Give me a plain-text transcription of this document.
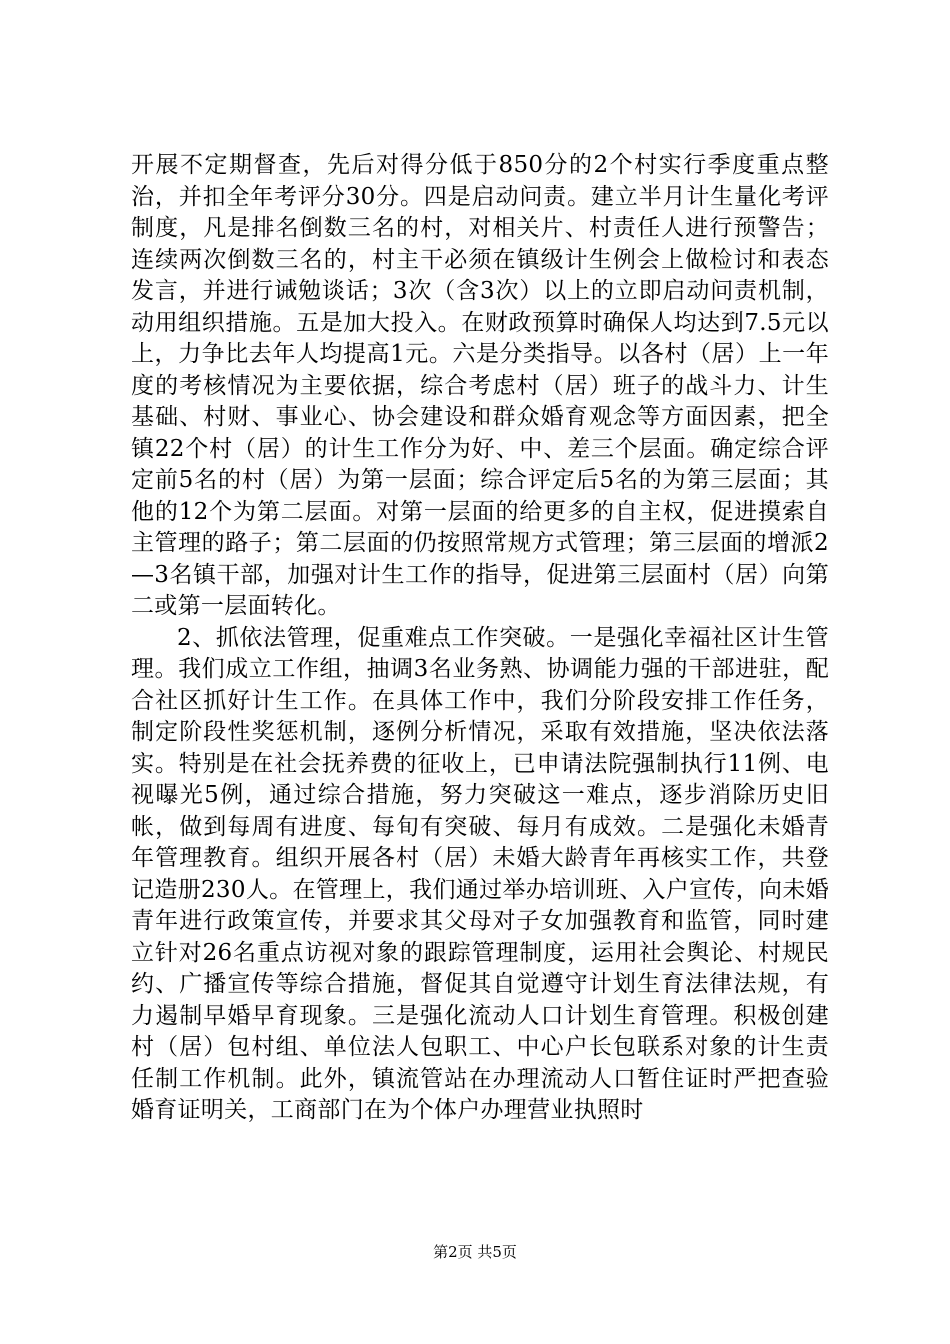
开展不定期督查，先后对得分低于850分的2个村实行季度重点整治，并扣全年考评分30分。四是启动问责。建立半月计生量化考评制度，凡是排名倒数三名的村，对相关片、村责任人进行预警告；连续两次倒数三名的，村主干必须在镇级计生例会上做检讨和表态发言，并进行诫勉谈话；3次（含3次）以上的立即启动问责机制，动用组织措施。五是加大投入。在财政预算时确保人均达到7.5元以上，力争比去年人均提高1元。六是分类指导。以各村（居）上一年度的考核情况为主要依据，综合考虑村（居）班子的战斗力、计生基础、村财、事业心、协会建设和群众婚育观念等方面因素，把全镇22个村（居）的计生工作分为好、中、差三个层面。确定综合评定前5名的村（居）为第一层面；综合评定后5名的为第三层面；其他的12个为第二层面。对第一层面的给更多的自主权，促进摸索自主管理的路子；第二层面的仍按照常规方式管理；第三层面的增派2—3名镇干部，加强对计生工作的指导，促进第三层面村（居）向第二或第一层面转化。

2、抓依法管理，促重难点工作突破。一是强化幸福社区计生管理。我们成立工作组，抽调3名业务熟、协调能力强的干部进驻，配合社区抓好计生工作。在具体工作中，我们分阶段安排工作任务，制定阶段性奖惩机制，逐例分析情况，采取有效措施，坚决依法落实。特别是在社会抚养费的征收上，已申请法院强制执行11例、电视曝光5例，通过综合措施，努力突破这一难点，逐步消除历史旧帐，做到每周有进度、每旬有突破、每月有成效。二是强化未婚青年管理教育。组织开展各村（居）未婚大龄青年再核实工作，共登记造册230人。在管理上，我们通过举办培训班、入户宣传，向未婚青年进行政策宣传，并要求其父母对子女加强教育和监管，同时建立针对26名重点访视对象的跟踪管理制度，运用社会舆论、村规民约、广播宣传等综合措施，督促其自觉遵守计划生育法律法规，有力遏制早婚早育现象。三是强化流动人口计划生育管理。积极创建村（居）包村组、单位法人包职工、中心户长包联系对象的计生责任制工作机制。此外，镇流管站在办理流动人口暂住证时严把查验婚育证明关，工商部门在为个体户办理营业执照时

第2页 共5页
